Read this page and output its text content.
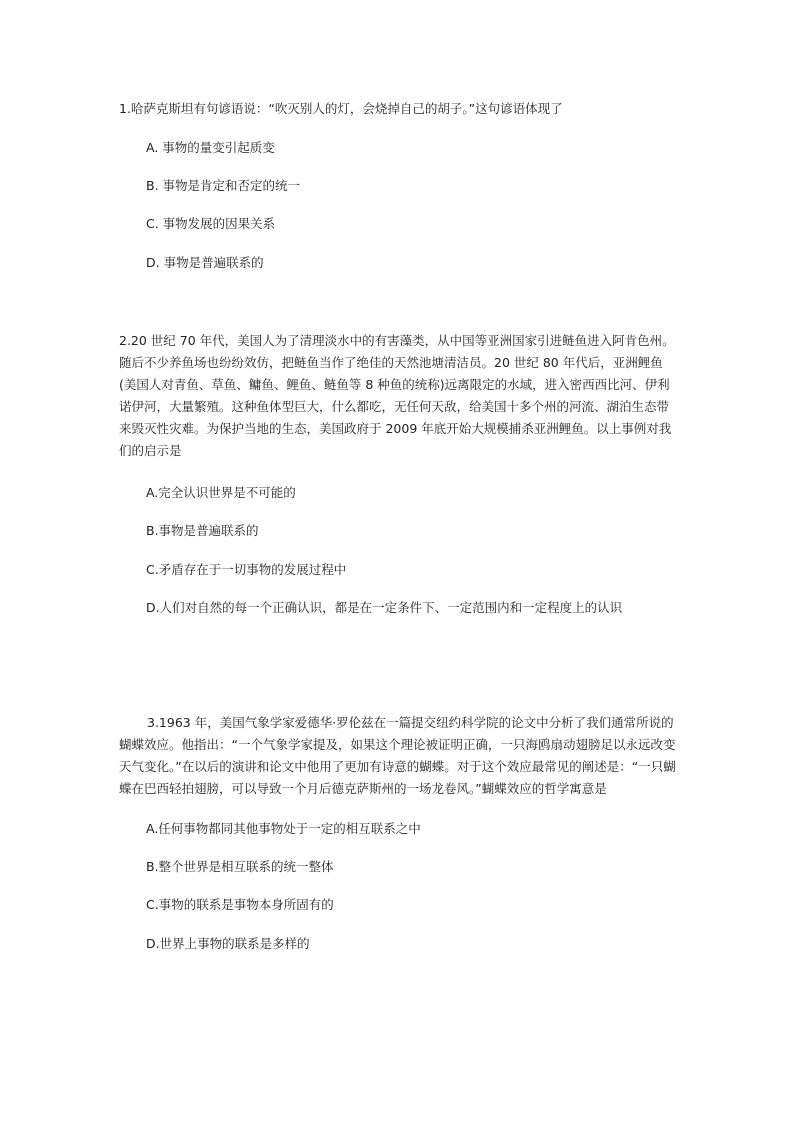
1.哈萨克斯坦有句谚语说：“吹灭别人的灯，会烧掉自己的胡子。”这句谚语体现了

A. 事物的量变引起质变

B. 事物是肯定和否定的统一

C. 事物发展的因果关系

D. 事物是普遍联系的

2.20 世纪 70 年代，美国人为了清理淡水中的有害藻类，从中国等亚洲国家引进鲢鱼进入阿肯色州。随后不少养鱼场也纷纷效仿，把鲢鱼当作了绝佳的天然池塘清洁员。20 世纪 80 年代后，亚洲鲤鱼(美国人对青鱼、草鱼、鳙鱼、鲤鱼、鲢鱼等 8 种鱼的统称)远离限定的水域，进入密西西比河、伊利诺伊河，大量繁殖。这种鱼体型巨大，什么都吃，无任何天敌，给美国十多个州的河流、湖泊生态带来毁灭性灾难。为保护当地的生态，美国政府于 2009 年底开始大规模捕杀亚洲鲤鱼。以上事例对我们的启示是

A.完全认识世界是不可能的

B.事物是普遍联系的

C.矛盾存在于一切事物的发展过程中

D.人们对自然的每一个正确认识，都是在一定条件下、一定范围内和一定程度上的认识

3.1963 年，美国气象学家爱德华·罗伦兹在一篇提交纽约科学院的论文中分析了我们通常所说的蝴蝶效应。他指出：“一个气象学家提及，如果这个理论被证明正确，一只海鸥扇动翅膀足以永远改变天气变化。”在以后的演讲和论文中他用了更加有诗意的蝴蝶。对于这个效应最常见的阐述是：“一只蝴蝶在巴西轻拍翅膀，可以导致一个月后德克萨斯州的一场龙卷风。”蝴蝶效应的哲学寓意是

A.任何事物都同其他事物处于一定的相互联系之中

B.整个世界是相互联系的统一整体

C.事物的联系是事物本身所固有的

D.世界上事物的联系是多样的
